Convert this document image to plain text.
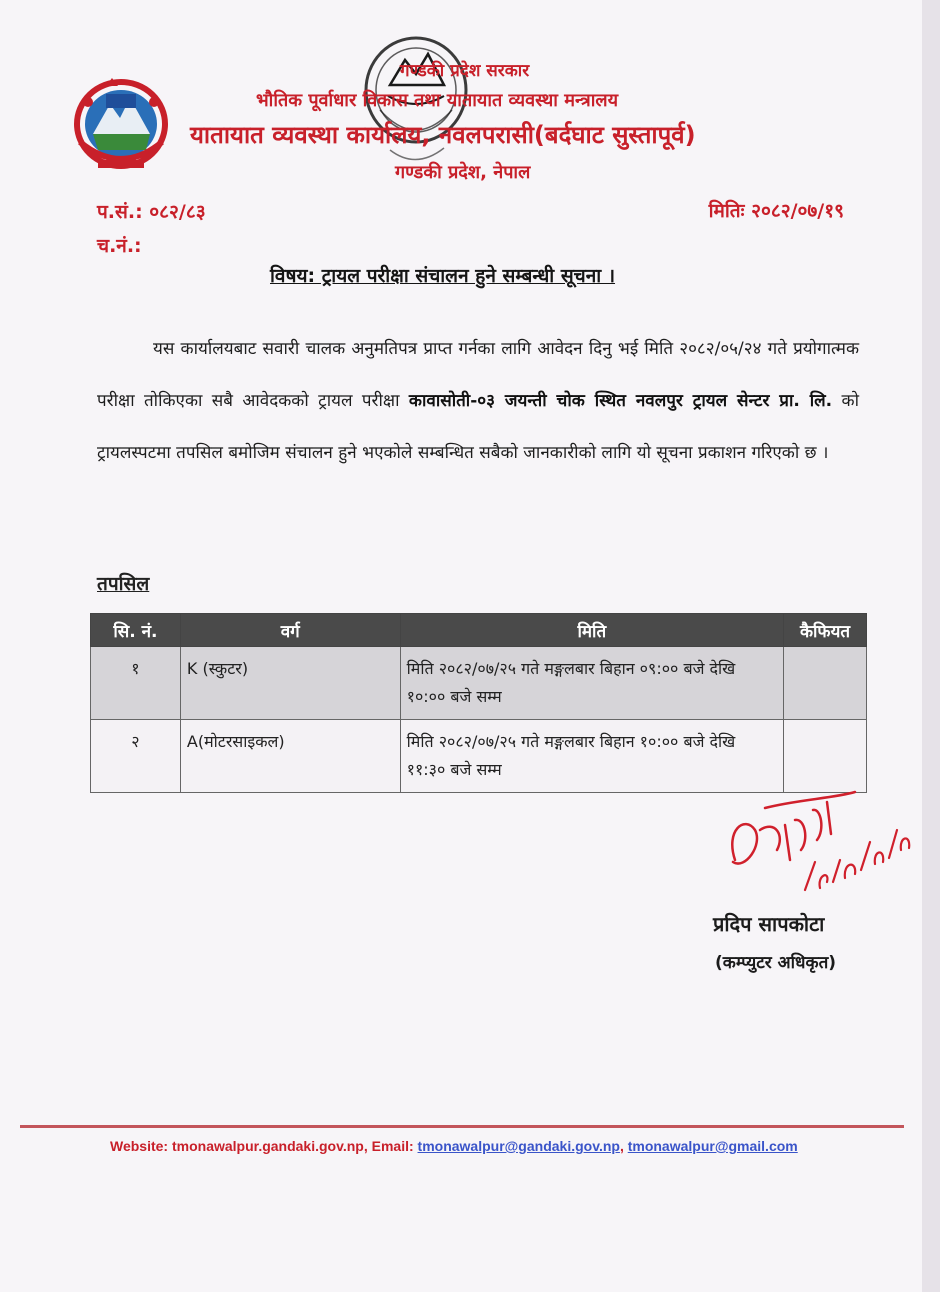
गण्डकी प्रदेश सरकार
भौतिक पूर्वाधार विकास तथा यातायात व्यवस्था मन्त्रालय
यातायात व्यवस्था कार्यालय, नवलपरासी(बर्दघाट सुस्तापूर्व)
गण्डकी प्रदेश, नेपाल
प.सं.: ०८२/८३
च.नं.:
मितिः २०८२/०७/१९
विषय: ट्रायल परीक्षा संचालन हुने सम्बन्धी सूचना ।
यस कार्यालयबाट सवारी चालक अनुमतिपत्र प्राप्त गर्नका लागि आवेदन दिनु भई मिति २०८२/०५/२४ गते प्रयोगात्मक परीक्षा तोकिएका सबै आवेदकको ट्रायल परीक्षा कावासोती-०३ जयन्ती चोक स्थित नवलपुर ट्रायल सेन्टर प्रा. लि. को ट्रायलस्पटमा तपसिल बमोजिम संचालन हुने भएकोले सम्बन्धित सबैको जानकारीको लागि यो सूचना प्रकाशन गरिएको छ ।
तपसिल
सि. नं.	वर्ग	मिति	कैफियत
१	K (स्कुटर)	मिति २०८२/०७/२५ गते मङ्गलबार बिहान ०९:०० बजे देखि १०:०० बजे सम्म	
२	A(मोटरसाइकल)	मिति २०८२/०७/२५ गते मङ्गलबार बिहान १०:०० बजे देखि ११:३० बजे सम्म	
प्रदिप सापकोटा
(कम्प्युटर अधिकृत)
Website: tmonawalpur.gandaki.gov.np, Email: tmonawalpur@gandaki.gov.np, tmonawalpur@gmail.com
